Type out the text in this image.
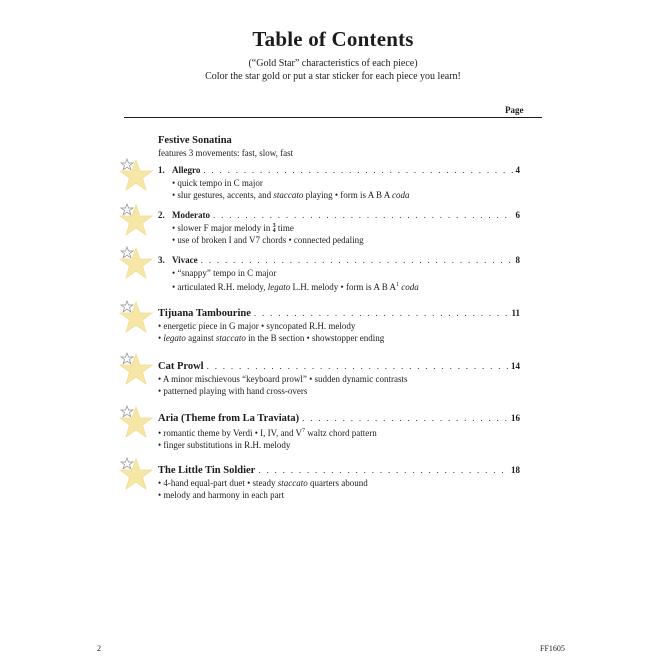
Table of Contents
(“Gold Star” characteristics of each piece)
Color the star gold or put a star sticker for each piece you learn!
Page
Festive Sonatina
features 3 movements: fast, slow, fast
1. Allegro . . .	4
• quick tempo in C major
• slur gestures, accents, and staccato playing • form is A B A coda
2. Moderato . . .	6
• slower F major melody in 3
4 time
• use of broken I and V7 chords • connected pedaling
3. Vivace . . .	8
• “snappy” tempo in C major
• articulated R.H. melody, legato L.H. melody • form is A B $A^1$ coda
Tijuana Tambourine . . .	11
• energetic piece in G major • syncopated R.H. melody
• legato against staccato in the B section • showstopper ending
Cat Prowl . . .	14
• A minor mischievous “keyboard prowl” • sudden dynamic contrasts
• patterned playing with hand cross-overs
Aria (Theme from La Traviata) . . .	16
• romantic theme by Verdi • I, IV, and $V^7$ waltz chord pattern
• finger substitutions in R.H. melody
The Little Tin Soldier . . .	18
• 4-hand equal-part duet • steady staccato quarters abound
• melody and harmony in each part
2	FF1605
